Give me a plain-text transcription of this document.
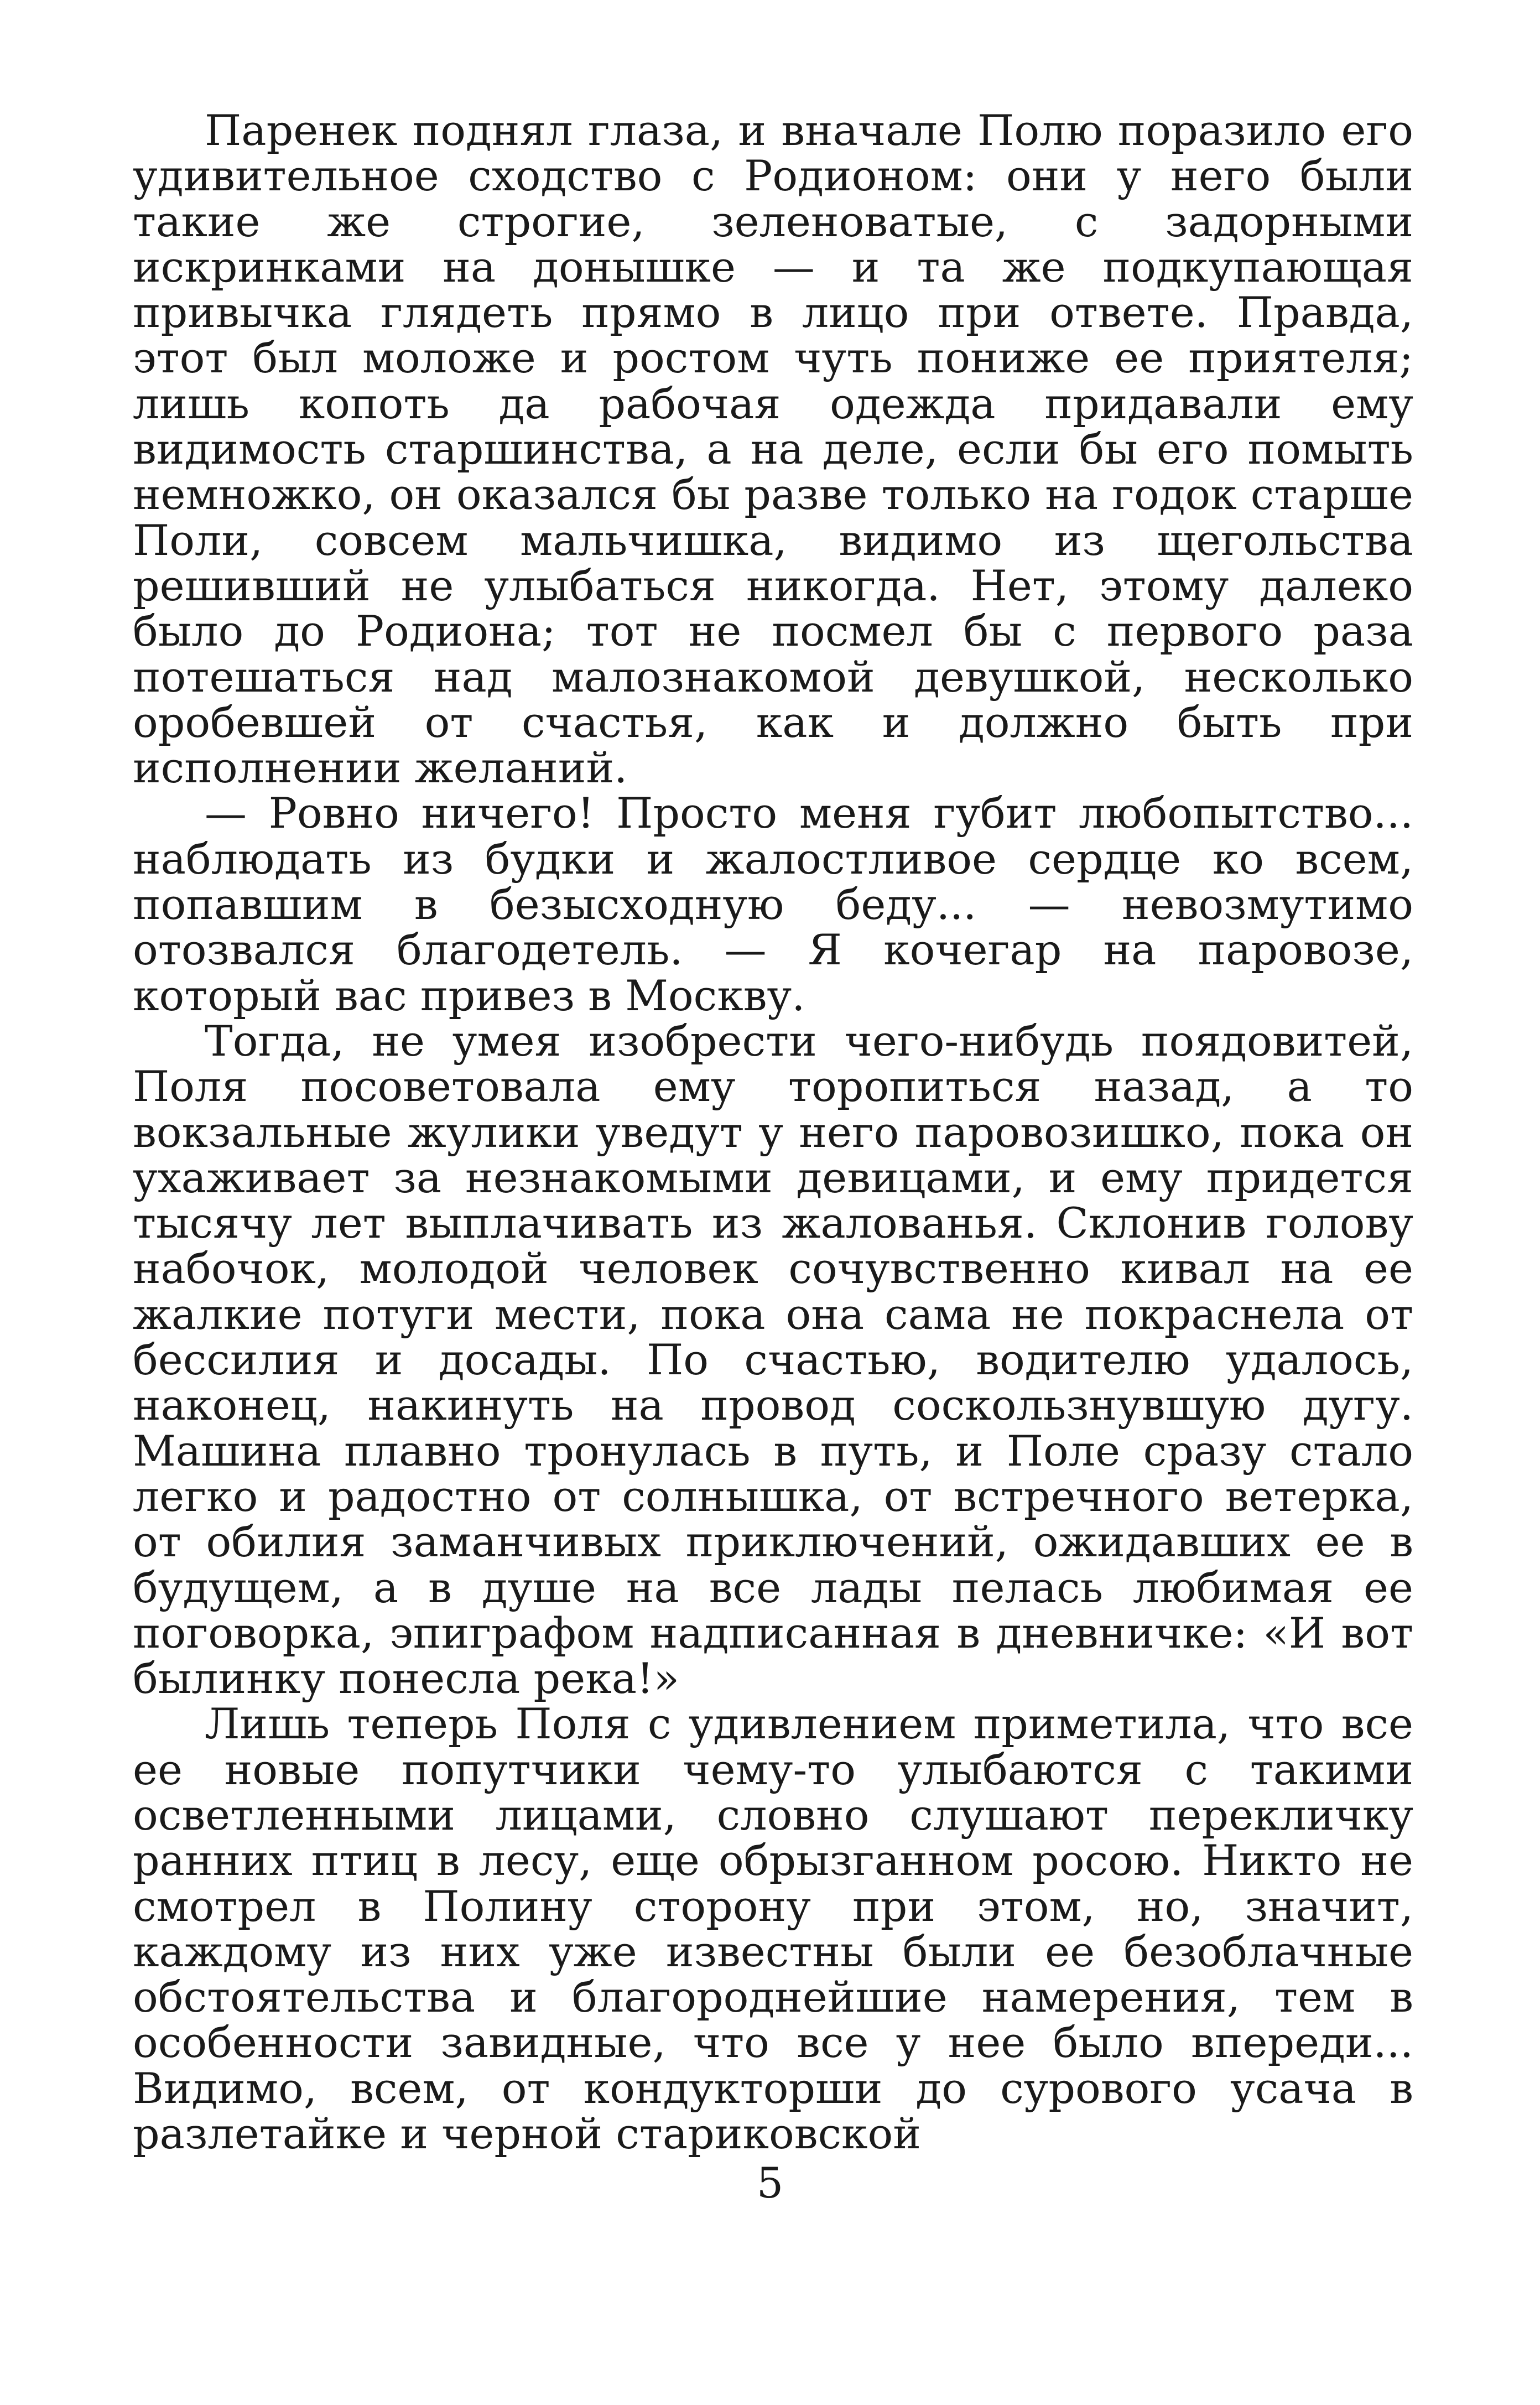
Паренек поднял глаза, и вначале Полю поразило его удивительное сходство с Родионом: они у него были такие же строгие, зеленоватые, с задорными искринками на донышке — и та же подкупающая привычка глядеть прямо в лицо при ответе. Правда, этот был моложе и ростом чуть пониже ее приятеля; лишь копоть да рабочая одежда придавали ему видимость старшинства, а на деле, если бы его помыть немножко, он оказался бы разве только на годок старше Поли, совсем мальчишка, видимо из щегольства решивший не улыбаться никогда. Нет, этому далеко было до Родиона; тот не посмел бы с первого раза потешаться над малознакомой девушкой, несколько оробевшей от счастья, как и должно быть при исполнении желаний.

— Ровно ничего! Просто меня губит любопытство... наблюдать из будки и жалостливое сердце ко всем, попавшим в безысходную беду... — невозмутимо отозвался благодетель. — Я кочегар на паровозе, который вас привез в Москву.

Тогда, не умея изобрести чего-нибудь поядовитей, Поля посоветовала ему торопиться назад, а то вокзальные жулики уведут у него паровозишко, пока он ухаживает за незнакомыми девицами, и ему придется тысячу лет выплачивать из жалованья. Склонив голову набочок, молодой человек сочувственно кивал на ее жалкие потуги мести, пока она сама не покраснела от бессилия и досады. По счастью, водителю удалось, наконец, накинуть на провод соскользнувшую дугу. Машина плавно тронулась в путь, и Поле сразу стало легко и радостно от солнышка, от встречного ветерка, от обилия заманчивых приключений, ожидавших ее в будущем, а в душе на все лады пелась любимая ее поговорка, эпиграфом надписанная в дневничке: «И вот былинку понесла река!»

Лишь теперь Поля с удивлением приметила, что все ее новые попутчики чему-то улыбаются с такими осветленными лицами, словно слушают перекличку ранних птиц в лесу, еще обрызганном росою. Никто не смотрел в Полину сторону при этом, но, значит, каждому из них уже известны были ее безоблачные обстоятельства и благороднейшие намерения, тем в особенности завидные, что все у нее было впереди... Видимо, всем, от кондукторши до сурового усача в разлетайке и черной стариковской

5
